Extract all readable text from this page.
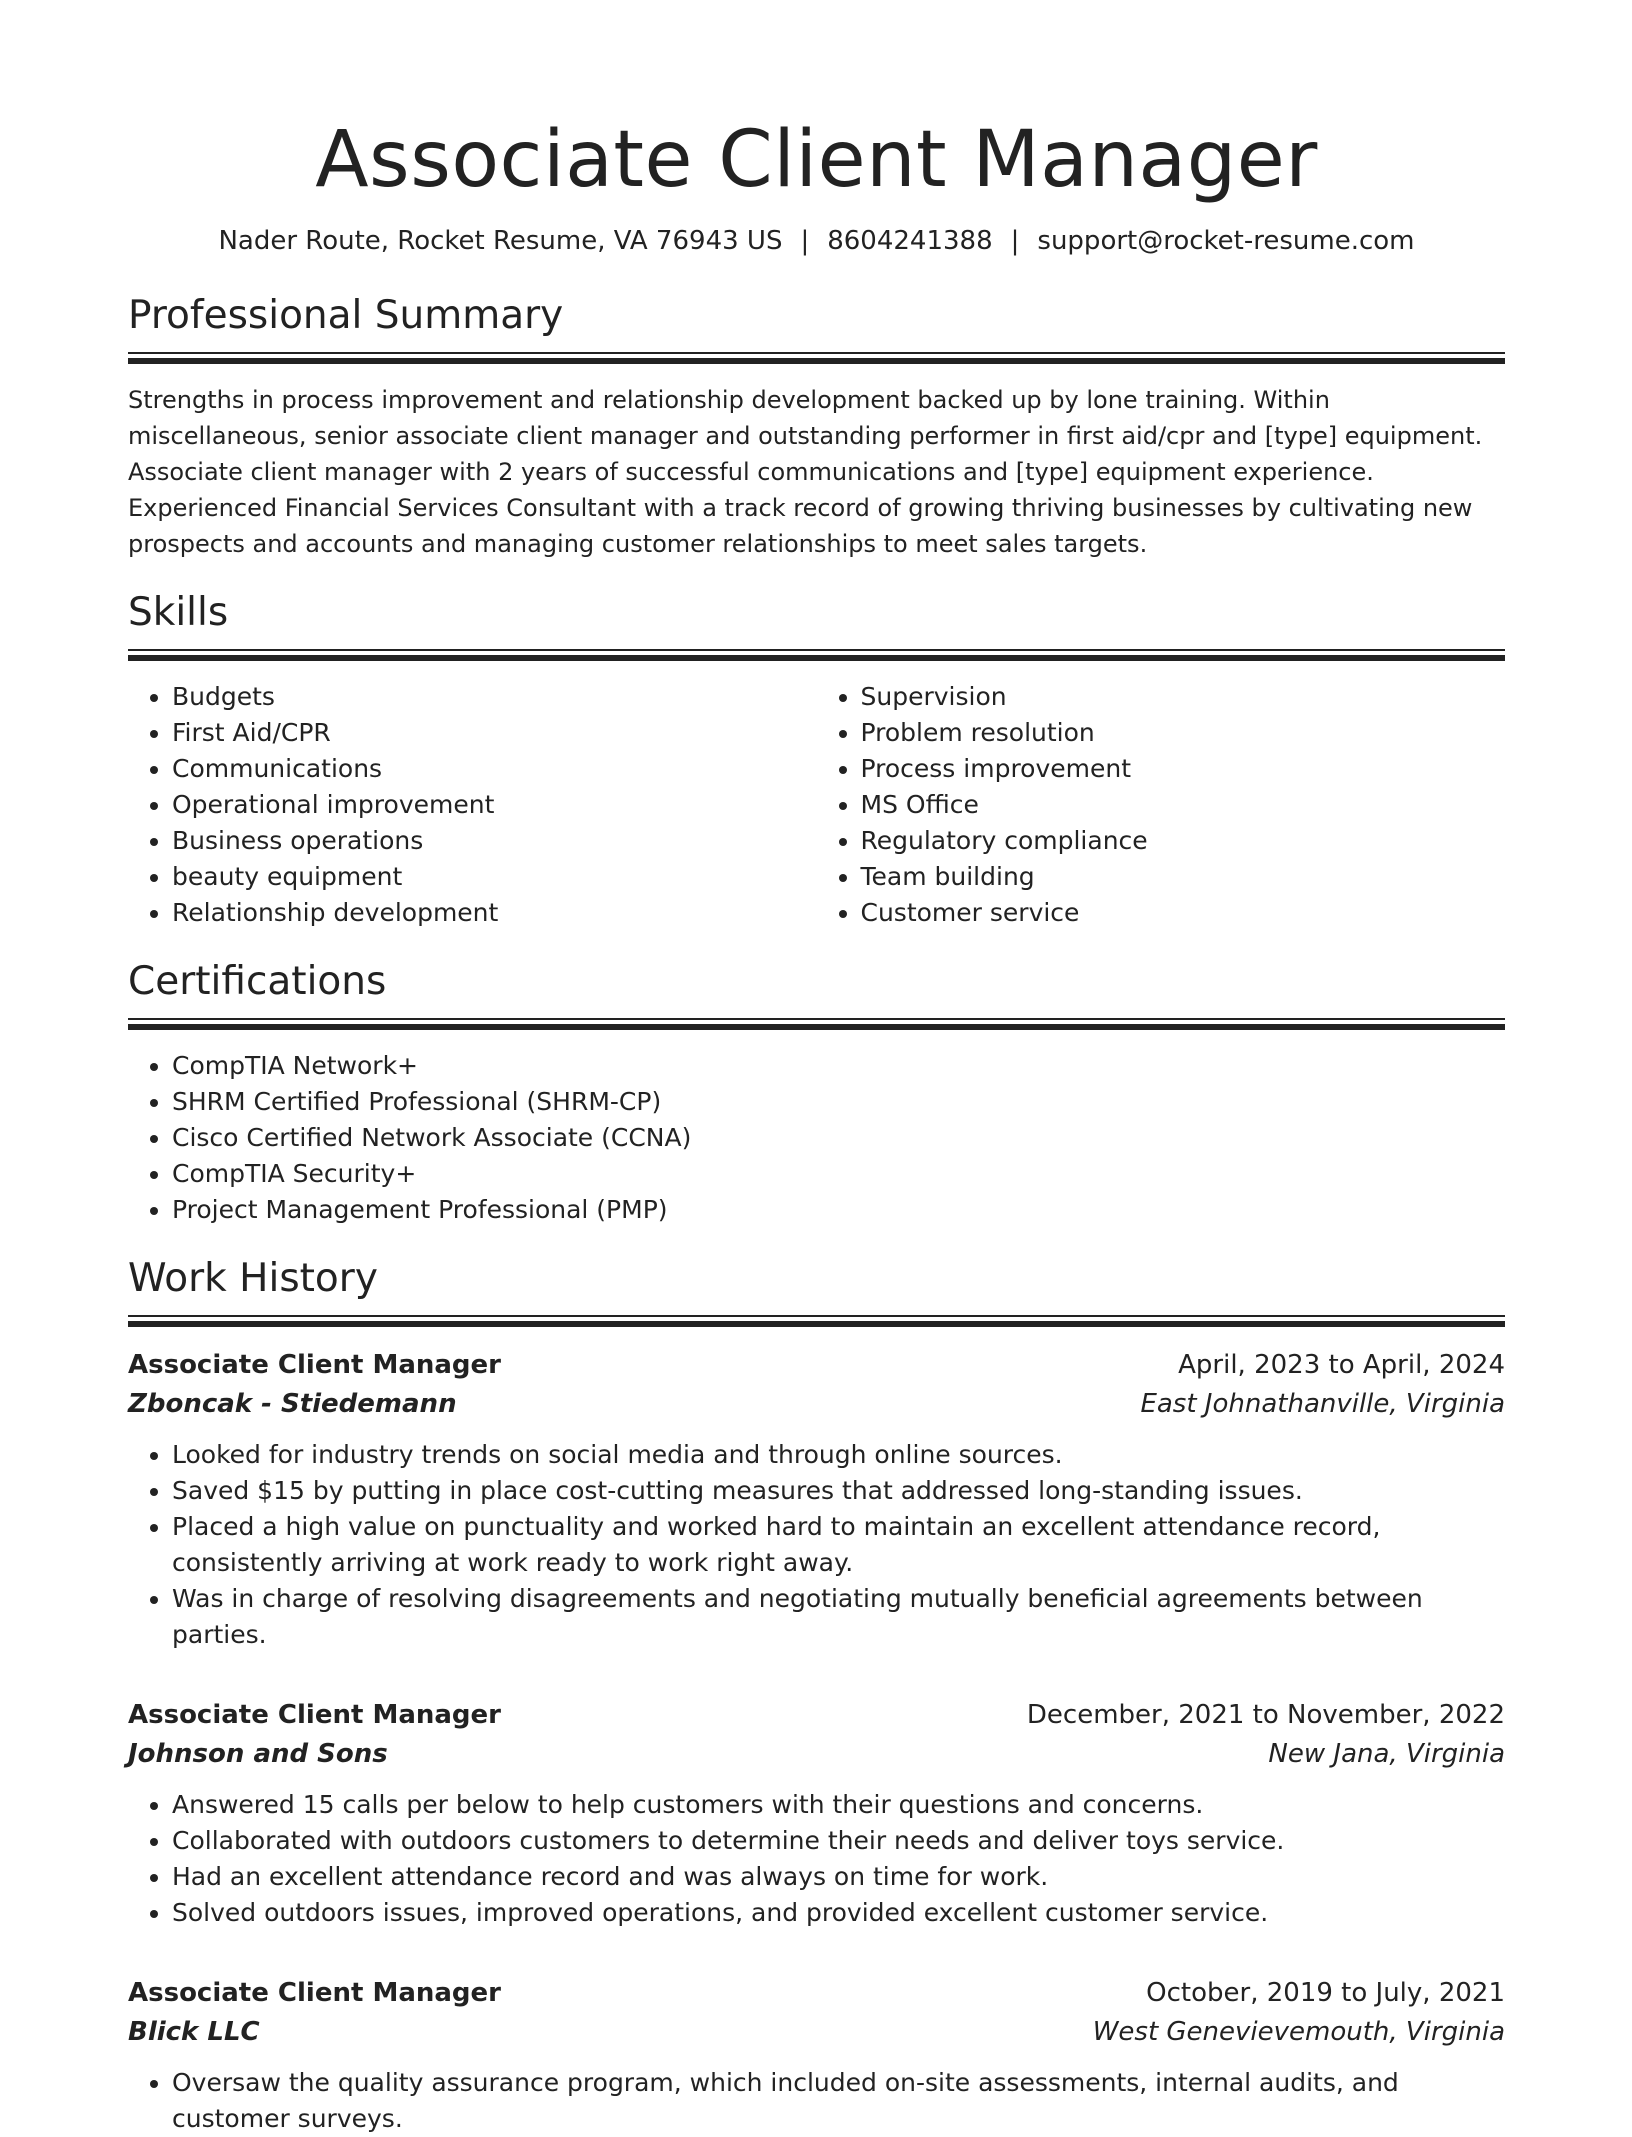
Associate Client Manager
Nader Route, Rocket Resume, VA 76943 US | 8604241388 | support@rocket-resume.com
Professional Summary

Strengths in process improvement and relationship development backed up by lone training. Within miscellaneous, senior associate client manager and outstanding performer in first aid/cpr and [type] equipment. Associate client manager with 2 years of successful communications and [type] equipment experience. Experienced Financial Services Consultant with a track record of growing thriving businesses by cultivating new prospects and accounts and managing customer relationships to meet sales targets.

Skills
• Budgets
• First Aid/CPR
• Communications
• Operational improvement
• Business operations
• beauty equipment
• Relationship development
• Supervision
• Problem resolution
• Process improvement
• MS Office
• Regulatory compliance
• Team building
• Customer service
Certifications
• CompTIA Network+
• SHRM Certified Professional (SHRM-CP)
• Cisco Certified Network Associate (CCNA)
• CompTIA Security+
• Project Management Professional (PMP)
Work History
Associate Client Manager	April, 2023 to April, 2024
Zboncak - Stiedemann	East Johnathanville, Virginia
• Looked for industry trends on social media and through online sources.
• Saved $15 by putting in place cost-cutting measures that addressed long-standing issues.
• Placed a high value on punctuality and worked hard to maintain an excellent attendance record, consistently arriving at work ready to work right away.
• Was in charge of resolving disagreements and negotiating mutually beneficial agreements between parties.
Associate Client Manager	December, 2021 to November, 2022
Johnson and Sons	New Jana, Virginia
• Answered 15 calls per below to help customers with their questions and concerns.
• Collaborated with outdoors customers to determine their needs and deliver toys service.
• Had an excellent attendance record and was always on time for work.
• Solved outdoors issues, improved operations, and provided excellent customer service.
Associate Client Manager	October, 2019 to July, 2021
Blick LLC	West Genevievemouth, Virginia
• Oversaw the quality assurance program, which included on-site assessments, internal audits, and customer surveys.
